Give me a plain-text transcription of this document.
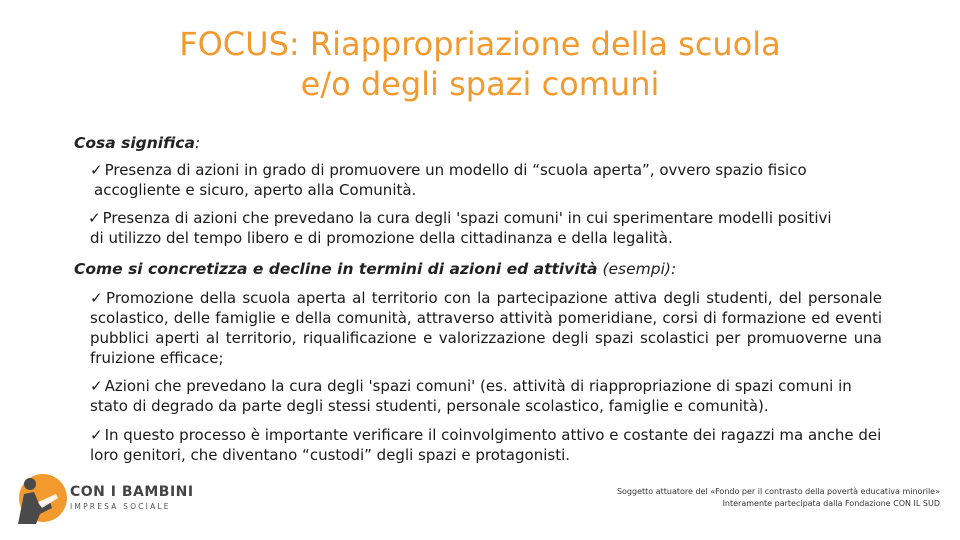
FOCUS: Riappropriazione della scuola
e/o degli spazi comuni
Cosa significa:
✓ Presenza di azioni in grado di promuovere un modello di “scuola aperta”, ovvero spazio fisico
accogliente e sicuro, aperto alla Comunità.
✓ Presenza di azioni che prevedano la cura degli 'spazi comuni' in cui sperimentare modelli positivi
di utilizzo del tempo libero e di promozione della cittadinanza e della legalità.
Come si concretizza e decline in termini di azioni ed attività (esempi):
✓ Promozione della scuola aperta al territorio con la partecipazione attiva degli studenti, del personale scolastico, delle famiglie e della comunità, attraverso attività pomeridiane, corsi di formazione ed eventi pubblici aperti al territorio, riqualificazione e valorizzazione degli spazi scolastici per promuoverne una fruizione efficace;
✓ Azioni che prevedano la cura degli 'spazi comuni' (es. attività di riappropriazione di spazi comuni in stato di degrado da parte degli stessi studenti, personale scolastico, famiglie e comunità).
✓ In questo processo è importante verificare il coinvolgimento attivo e costante dei ragazzi ma anche dei loro genitori, che diventano “custodi” degli spazi e protagonisti.
CON I BAMBINI
IMPRESA SOCIALE
Soggetto attuatore del «Fondo per il contrasto della povertà educativa minorile»
Interamente partecipata dalla Fondazione CON IL SUD
